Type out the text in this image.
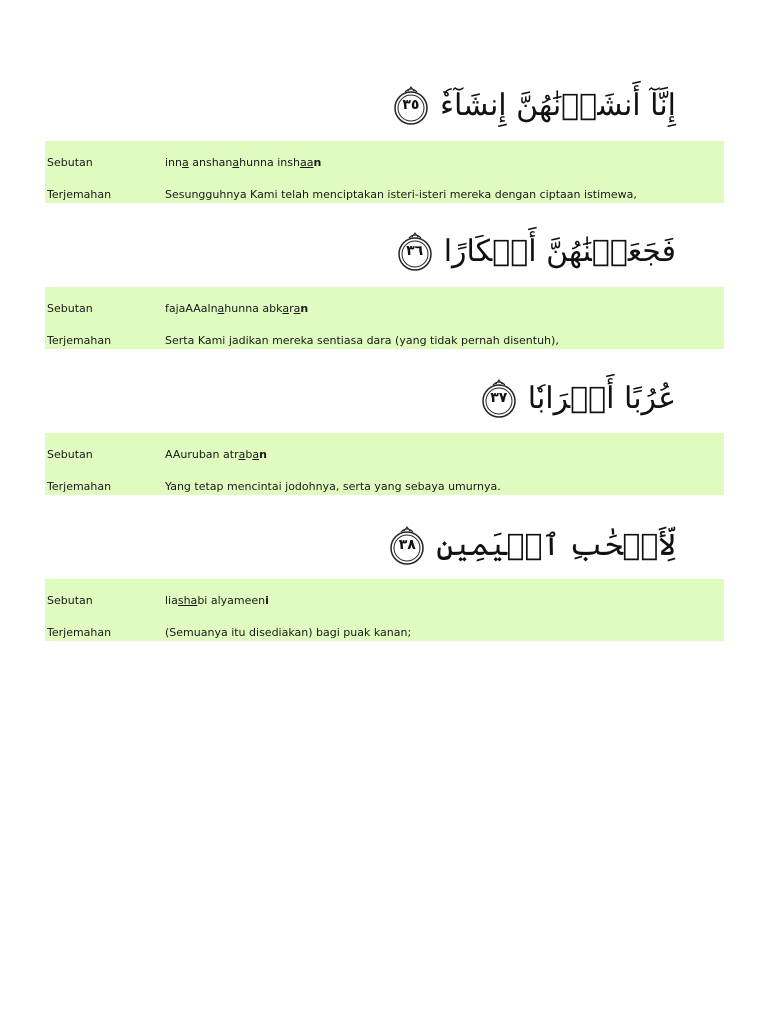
إِنَّآ أَنشَأۡنَٰهُنَّ إِنشَآءٗ
٣٥
Sebutan	inna anshanahunna inshaan
Terjemahan	Sesungguhnya Kami telah menciptakan isteri-isteri mereka dengan ciptaan istimewa,
فَجَعَلۡنَٰهُنَّ أَبۡكَارًا
٣٦
Sebutan	fajaAAalnahunna abkaran
Terjemahan	Serta Kami jadikan mereka sentiasa dara (yang tidak pernah disentuh),
عُرُبًا أَتۡرَابٗا
٣٧
Sebutan	AAuruban atraban
Terjemahan	Yang tetap mencintai jodohnya, serta yang sebaya umurnya.
لِّأَصۡحَٰبِ ٱلۡيَمِينِ
٣٨
Sebutan	liashabi alyameeni
Terjemahan	(Semuanya itu disediakan) bagi puak kanan;
